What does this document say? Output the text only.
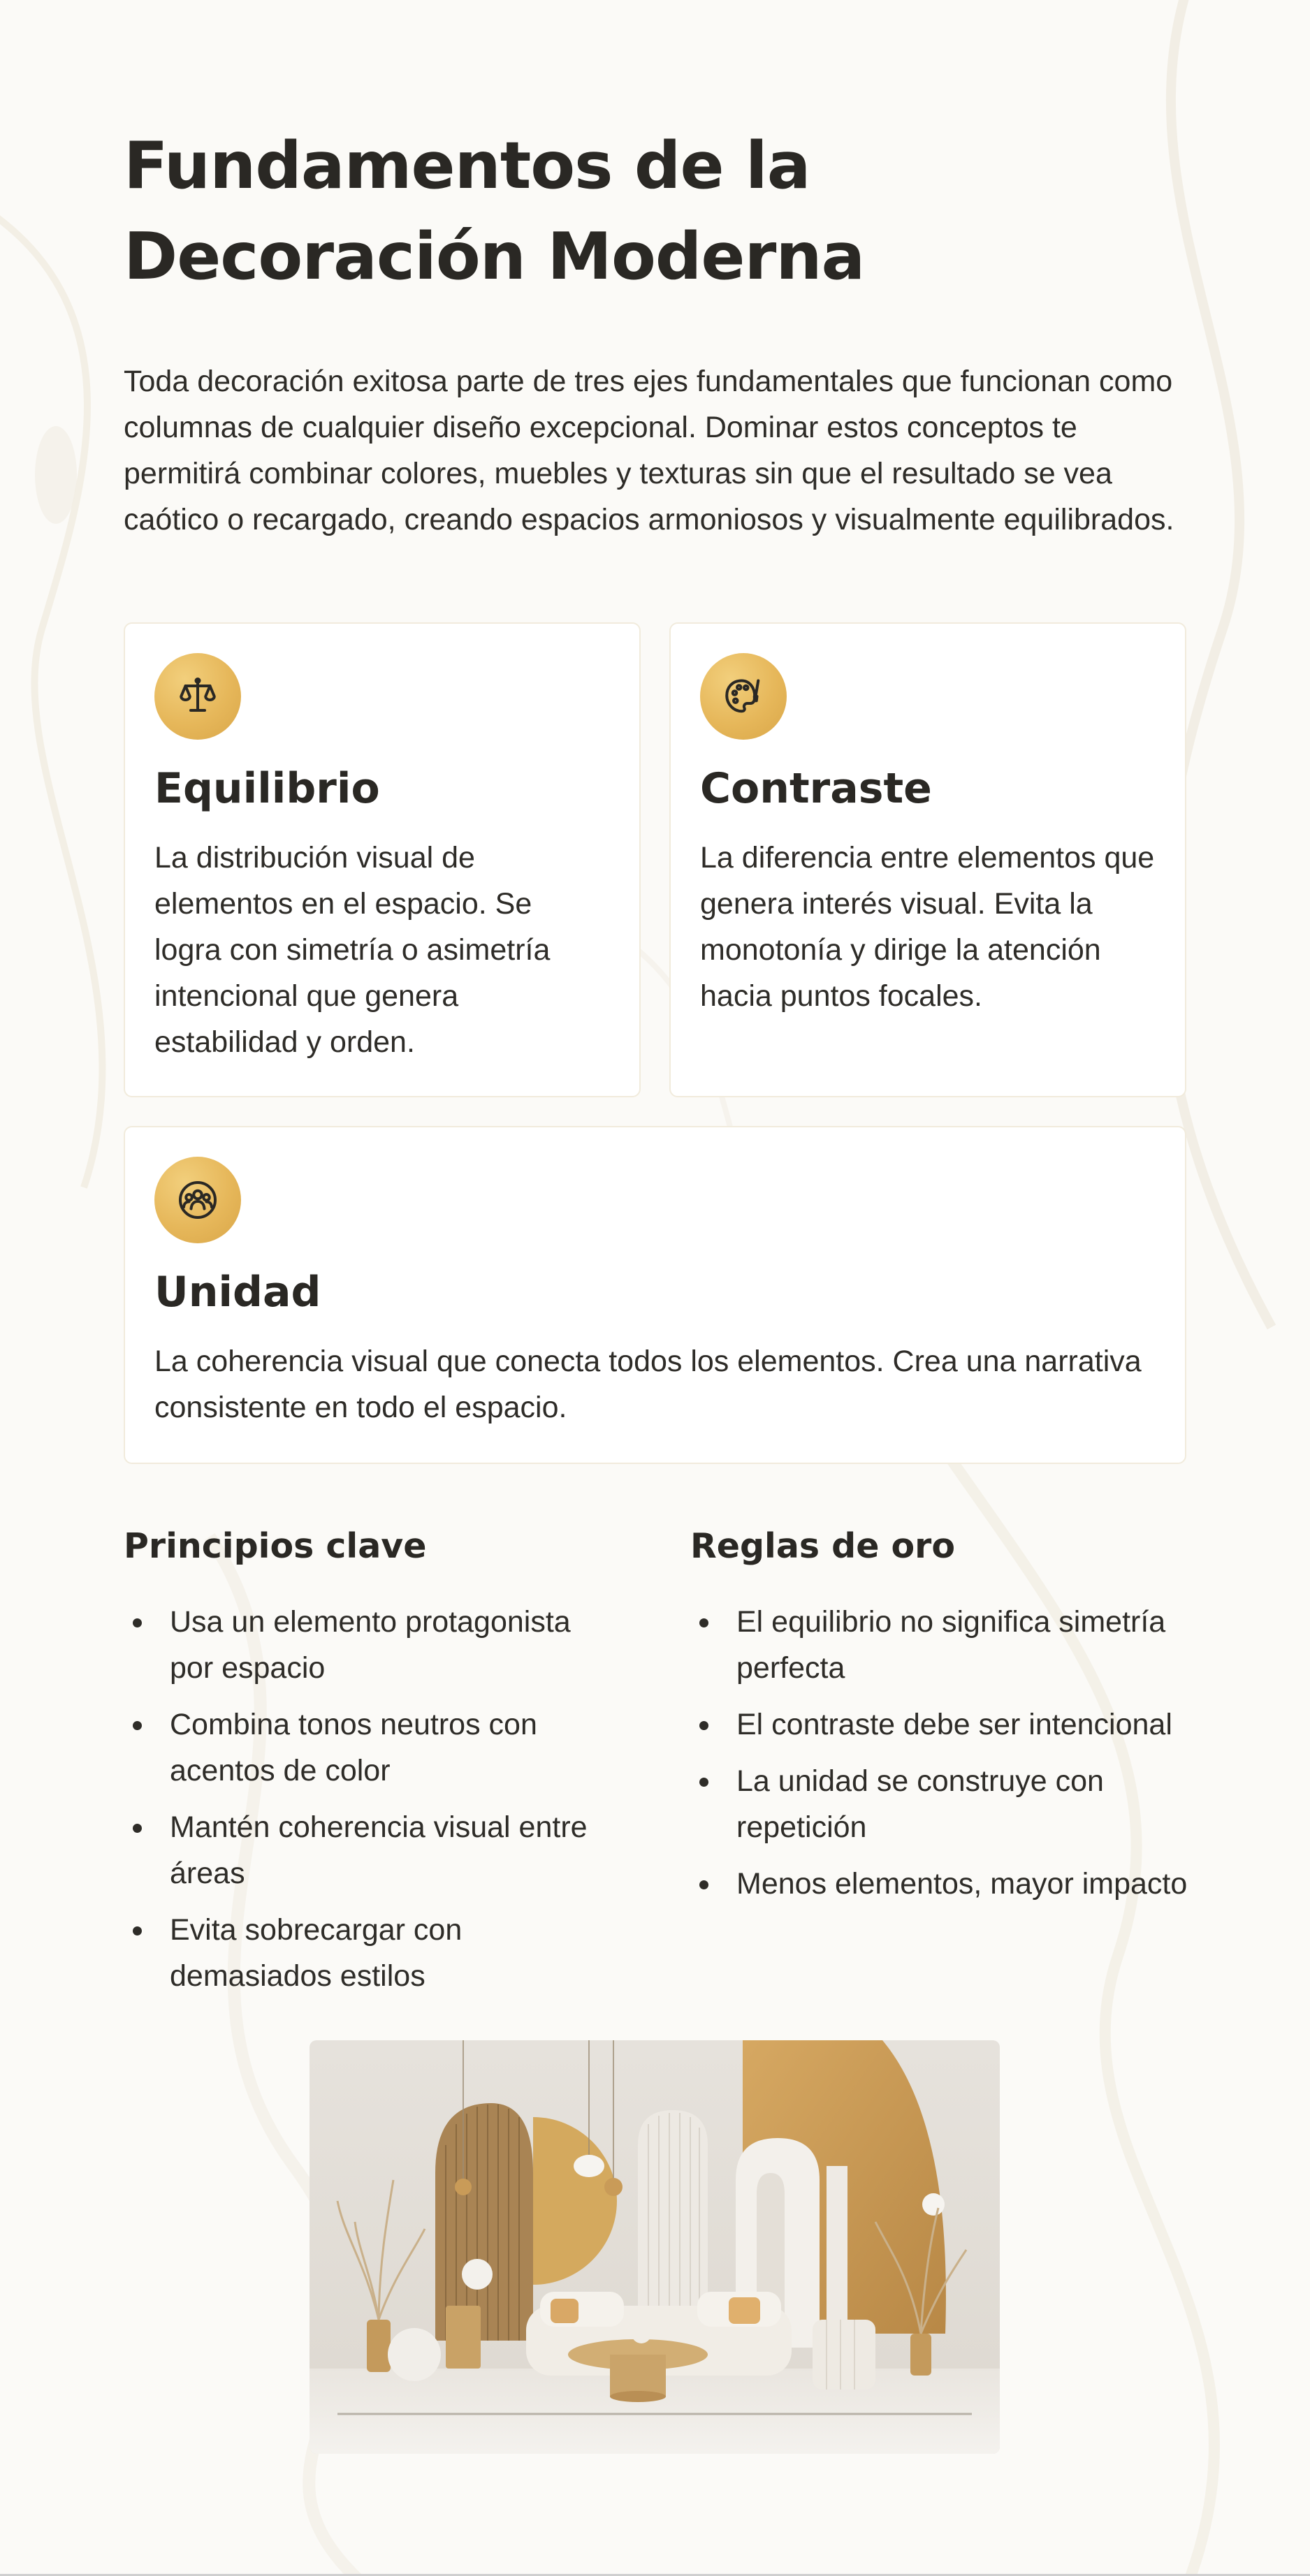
Fundamentos de la
Decoración Moderna

Toda decoración exitosa parte de tres ejes fundamentales que funcionan como columnas de cualquier diseño excepcional. Dominar estos conceptos te permitirá combinar colores, muebles y texturas sin que el resultado se vea caótico o recargado, creando espacios armoniosos y visualmente equilibrados.

Equilibrio

La distribución visual de elementos en el espacio. Se logra con simetría o asimetría intencional que genera estabilidad y orden.

Contraste

La diferencia entre elementos que genera interés visual. Evita la monotonía y dirige la atención hacia puntos focales.

Unidad

La coherencia visual que conecta todos los elementos. Crea una narrativa consistente en todo el espacio.

Principios clave
Usa un elemento protagonista por espacio
Combina tonos neutros con acentos de color
Mantén coherencia visual entre áreas
Evita sobrecargar con demasiados estilos
Reglas de oro
El equilibrio no significa simetría perfecta
El contraste debe ser intencional
La unidad se construye con repetición
Menos elementos, mayor impacto
